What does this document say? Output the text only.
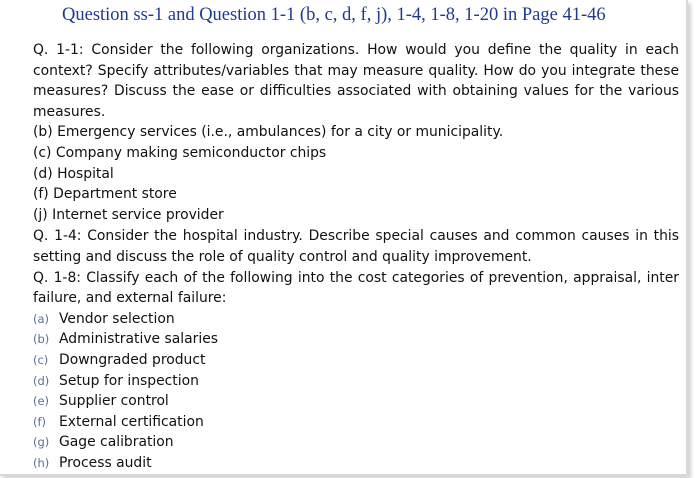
Question ss-1 and Question 1-1 (b, c, d, f, j), 1-4, 1-8, 1-20 in Page 41-46

Q. 1-1: Consider the following organizations. How would you define the quality in each context? Specify attributes/variables that may measure quality. How do you integrate these measures? Discuss the ease or difficulties associated with obtaining values for the various measures.

(b) Emergency services (i.e., ambulances) for a city or municipality.

(c) Company making semiconductor chips

(d) Hospital

(f) Department store

(j) Internet service provider

Q. 1-4: Consider the hospital industry. Describe special causes and common causes in this setting and discuss the role of quality control and quality improvement.

Q. 1-8: Classify each of the following into the cost categories of prevention, appraisal, inter failure, and external failure:

(a) Vendor selection

(b) Administrative salaries

(c) Downgraded product

(d) Setup for inspection

(e) Supplier control

(f) External certification

(g) Gage calibration

(h) Process audit
